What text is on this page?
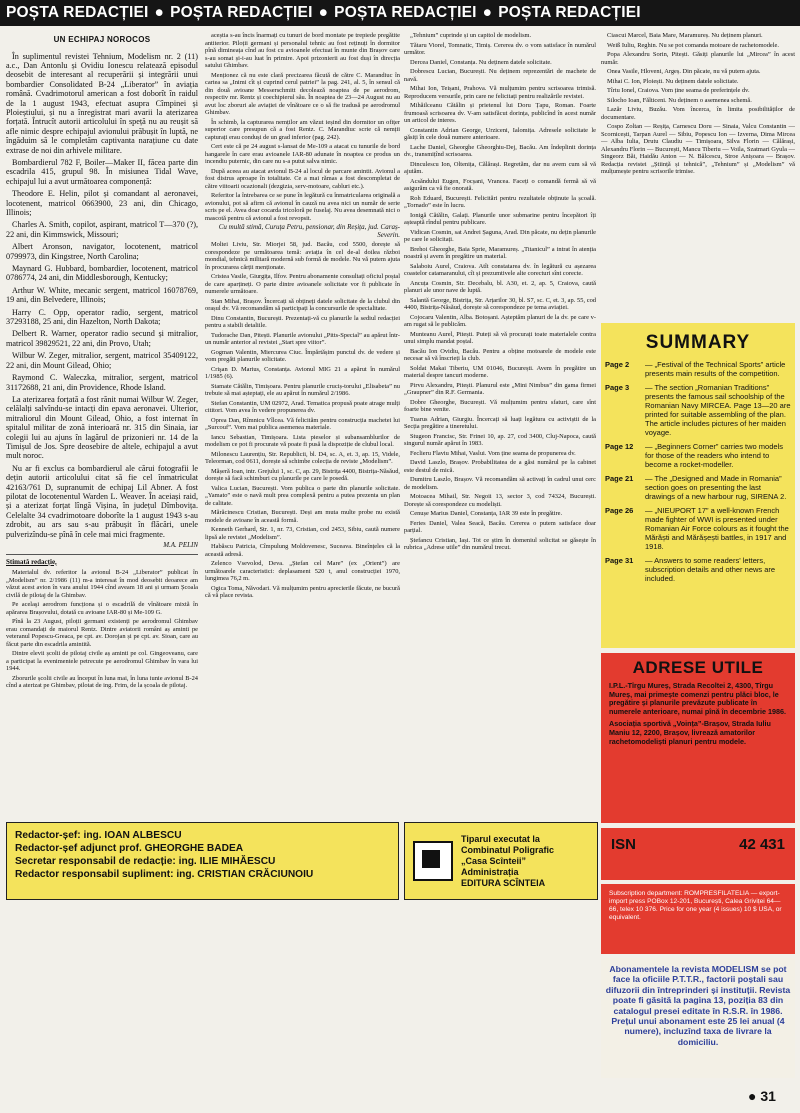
POȘTA REDACȚIEI ● POȘTA REDACȚIEI ● POȘTA REDACȚIEI ● POȘTA REDACȚIEI
UN ECHIPAJ NOROCOS

În suplimentul revistei Tehnium, Modelism nr. 2 (11) a.c., Dan Antonlu și Ovidiu Ionescu relatează episodul deosebit de interesant al recuperării și integrării unui bombardier Consolidated B-24 „Liberator” în aviația română. Cvadrimotorul american a fost doborît în raidul de la 1 august 1943, efectuat asupra Cîmpinei și Ploieștiului, și nu a înregistrat mari avarii la aterizarea forțată. Întrucît autorii articolului în speță nu au reușit să afle nimic despre echipajul avionului prăbușit în luptă, ne îngăduim să le completăm captivanta narațiune cu date extrase de noi din arhivele militare.

Bombardierul 782 F, Boiler—Maker II, făcea parte din escadrila 415, grupul 98. În misiunea Tidal Wave, echipajul lui a avut următoarea componență:

Theodore E. Helin, pilot și comandant al aeronavei, locotenent, matricol 0663900, 23 ani, din Chicago, Illinois;

Charles A. Smith, copilot, aspirant, matricol T—370 (?), 22 ani, din Kimmswick, Missouri;

Albert Aronson, navigator, locotenent, matricol 0799973, din Kingstree, North Carolina;

Maynard G. Hubbard, bombardier, locotenent, matricol 0786774, 24 ani, din Middlesborough, Kentucky;

Arthur W. White, mecanic sergent, matricol 16078769, 19 ani, din Belvedere, Illinois;

Harry C. Opp, operator radio, sergent, matricol 37293188, 25 ani, din Hazelton, North Dakota;

Delbert R. Warner, operator radio secund și mitralior, matricol 39829521, 22 ani, din Provo, Utah;

Wilbur W. Zeger, mitralior, sergent, matricol 35409122, 22 ani, din Mount Gilead, Ohio;

Raymond C. Waleczka, mitralior, sergent, matricol 31172688, 21 ani, din Providence, Rhode Island.

La aterizarea forțată a fost rănit numai Wilbur W. Zeger, celălalți salvîndu-se intacți din epava aeronavei. Ulterior, mitraliorul din Mount Gilead, Ohio, a fost internat în spitalul militar de zonă interioară nr. 315 din Sinaia, iar colegii lui au ajuns în lagărul de prizonieri nr. 14 de la Timișul de Jos. Spre deosebire de altele, echipajul a avut mult noroc.

Nu ar fi exclus ca bombardierul ale cărui fotografii le dețin autorii articolului citat să fie cel înmatriculat 42163/761 D, supranumit de echipaj Lil Abner. A fost pilotat de locotenentul Warden L. Weaver. În aceiași raid, și a aterizat forțat lîngă Vișina, în județul Dîmbovița. Celelalte 34 cvadrimotoare doborîte la 1 august 1943 s-au zdrobit, au ars sau s-au prăbușit în flăcări, unele pulverizîndu-se pînă în cele mai mici fragmente.

M.A. PELIN
Stimată redacție,

Materialul dv. referitor la avionul B-24 „Liberator” publicat în „Modelism” nr. 2/1986 (11) m-a interesat în mod deosebit deoarece am văzut acest avion în vara anului 1944 cînd aveam 18 ani și urmam Școala civilă de pilotaj de la Ghimbav.

Pe acelaşi aerodrom funcționa și o escadrilă de vînătoare mixtă în apărarea Brașovului, dotată cu avioane IAR-80 și Me-109 G.

Pînă la 23 August, piloții germani existenți pe aerodromul Ghimbav erau comandați de maiorul Rentz. Dintre aviatorii români aș aminti pe veteranul Popescu-Greaca, pe cpt. av. Dorojan și pe cpt. av. Sioan, care au făcut parte din escadrila amintită.

Dintre elevii școlii de pilotaj civile aș aminti pe col. Gingeoveanu, care a participat la evenimentele petrecute pe aerodromul Ghimbav în vara lui 1944.

Zborurile școlii civile au început în luna mai, în luna iunie avionul B-24 cînd a aterizat pe Ghimbav, pilotat de ing. Frim, de la școala de pilotaj.

aceștia s-au încis înarmați cu tunuri de bord montate pe trepiede pregătite antiterior. Piloții germani și personalul tehnic au fost reținuți în dormitor pînă dimineața cînd au fost cu avioanele efectuat în munte din Brașov care s-au somat și-i-au luat în primire. Apoi prizonierii au fost duși în direcția satului Ghimbav.

Menționez că nu este clară precizarea făcută de către C. Marandiuc în cartea sa „Inimi cît și cuprind cerul patriei” la pag. 241, al. 5, în sensul că din două avioane Messerschmitt decolează noaptea de pe aerodrom, respectiv mr. Rentz și coechipierul său. În noaptea de 23—24 August nu au avut loc zboruri ale aviației de vînătoare ce o să fie tradusă pe aerodromul Ghimbav.

În schimb, la capturarea nemților am văzut ieșind din dormitor un ofițer superior care presupun că a fost Rentz. C. Marandiuc scrie că nemții capturați erau conduși de un grad inferior (pag. 242).

Cert este că pe 24 august s-lansat de Me-109 a atacat cu tunurile de bord hangarele în care erau avioanele IAR-80 adunate în noaptea ce produs un incendiu puternic, din care nu s-a putut salva nimic.

După aceea au atacat avionul B-24 al locul de parcare amintit. Avionul a fost distrus aproape în totalitate. Ce a mai rămas a fost descompletat de către viitoarii ocazionali (dezgizia, serv-motoare, cabluri etc.).

Referitor la întrebarea ce se pune în legătură cu înmatricularea originală a avionului, pot să afirm că avionul în cauză nu avea nici un număr de serie scris pe el. Avea doar cocarda tricoloră pe fuselaj. Nu avea desemnată nici o mascotă pentru că avionul a fost revopsit.

Cu multă stimă, Curuța Petru, pensionar, din Reșița, jud. Caraș-Severin.

Moltei Liviu, Str. Miorjei 58, jud. Bacău, cod 5500, dorește să corespondeze pe următoarea temă: aviația în cel de-al doilea război mondial, tehnică militară modernă sub formă de modele. Nu vă putem ajuta în procurarea cărții menționate.

Cristea Vasile, Giurgița, Ilfov. Pentru abonamente consultați oficiul poștal de care aparțineți. O parte dintre avioanele solicitate vor fi publicate în numerele următoare.

Stan Mihai, Brașov. Încercați să obțineți datele solicitate de la clubul din orașul dv. Vă recomandăm să participați la concursurile de specialitate.

Dinu Constantin, București. Prezentați-vă cu planurile la sediul redacției pentru a stabili detaliile.

Tudorache Dan, Pitești. Planurile avionului „Pitts-Special” au apărut într-un număr anterior al revistei „Start spre viitor”.

Gogman Valentin, Miercurea Ciuc. Împărtășim punctul dv. de vedere și vom pregăti planurile solicitate.

Crişan D. Marius, Constanța. Avionul MIG 21 a apărut în numărul 1/1985 (6).

Stamate Cătălin, Timișoara. Pentru planurile cruciș-torului „Elisabeta” nu trebuie să mai așteptați, ele au apărut în numărul 2/1986.

Stefan Constantin, UM 02972, Arad. Tematica propusă poate atrage mulți cititori. Vom avea în vedere propunerea dv.

Oprea Dan, Rîmnicu Vîlcea. Vă felicităm pentru construcția machetei lui „Surcouf”. Vom mai publica asemenea materiale.

Iancu Sebastian, Timișoara. Lista pieselor și subansamblurilor de modelism ce pot fi procurate vă poate fi pusă la dispoziție de clubul local.

Milonescu Laurențiu, Str. Republicii, bl. D4, sc. A, et. 3, ap. 15, Videle, Teleorman, cod 0611, dorește să schimbe colecția de reviste „Modelism”.

Mășeră Ioan, intr. Grejului 1, sc. C, ap. 29, Bistrița 4400, Bistrița-Năsăud, dorește să facă schimburi cu planurile pe care le posedă.

Valica Lucian, București. Vom publica o parte din planurile solicitate. „Yamato” este o navă mult prea complexă pentru a putea prezenta un plan de calitate.

Mărăcinescu Cristian, București. Deși am muta multe probe nu există modele de avioane în această formă.

Kenneth Gerhard, Str. 1, nr. 73, Cristian, cod 2453, Sibiu, caută numere lipsă ale revistei „Modelism”.

Habăscu Patricia, Cîmpulung Moldovenesc, Suceava. Bineînțeles că la această adresă.

Zelenco Vsevolod, Deva. „Ștefan cel Mare” (ex „Orient”) are următoarele caracteristici: deplasament 520 t, anul construcției 1970, lungimea 76,2 m.

Ogica Toma, Năvodari. Vă mulțumim pentru aprecierile făcute, ne bucură că vă place revista.

„Tehnium” cuprinde și un capitol de modelism.

Tătaru Viorel, Tomnatic, Timiș. Cererea dv. o vom satisface în numărul următor.

Dercea Daniel, Constanța. Nu deținem datele solicitate.

Dobrescu Lucian, București. Nu deținem reprezentări de machete de navă.

Mihai Ion, Teișani, Prahova. Vă mulțumim pentru scrisoarea trimisă. Reproducem versurile, prin care ne felicitați pentru realizările revistei.

Mihăilceanu Cătălin și prietenul lui Doru Țapu, Roman. Foarte frumoasă scrisoarea dv. V-am satisfăcut dorința, publicînd în acest număr un articol de interes.

Constantin Adrian George, Urziceni, Ialomița. Adresele solicitate le găsiți în cele două numere anterioare.

Lache Daniel, Gheorghe Gheorghiu-Dej, Bacău. Am îndeplinit dorința dv., transmițînd scrisoarea.

Dinculescu Ion, Oltenița, Călărași. Regretăm, dar nu avem cum să vă ajutăm.

Acsăndului Eugen, Focșani, Vrancea. Faceți o comandă fermă să vă asigurăm ca vă fie onorată.

Roh Eduard, București. Felicitări pentru rezultatele obținute la școală. „Tornado” este în lucru.

Ionigă Cătălin, Galați. Planurile unor submarine pentru începători îți așteaptă rîndul pentru publicare.

Vidican Cosmin, sat Andrei Șaguna, Arad. Din păcate, nu dețin planurile pe care le solicitați.

Brehoi Gheorghe, Baia Sprie, Maramureș. „Titanicul” a intrat în atenția noastră și avem în pregătire un material.

Salaboiu Aurel, Craiova. Atît constatarea dv. în legătură cu așezarea coastelor catamaranului, cît și prezumtivele alte corecturi sînt corecte.

Ancuța Cosmin, Str. Decebalu, bl. A30, et. 2, ap. 5, Craiova, caută planuri ale unor nave de luptă.

Salantă George, Bistrița, Str. Arțarilor 30, bl. S7, sc. C, et. 3, ap. 55, cod 4400, Bistrița-Năsăud, dorește să corespondeze pe tema aviației.

Cojocaru Valentin, Alba. Botoșani. Așteptăm planuri de la dv. pe care v-am rugat să le publicăm.

Munteanu Aurel, Pitești. Puteți să vă procurați toate materialele contra unui simplu mandat poștal.

Bacău Ion Ovidiu, Bacău. Pentru a obține motoarele de modele este necesar să vă înscrieți la club.

Soldat Makai Tiberiu, UM 01046, București. Avem în pregătire un material despre tancuri moderne.

Pirvu Alexandru, Pitești. Planurul este „Mini Nimbus” din gama firmei „Graupner” din R.F. Germania.

Dobre Gheorghe, București. Vă mulțumim pentru sfaturi, care sînt foarte bine venite.

Tuarus Adrian, Giurgiu. Încercați să luați legătura cu activiștii de la Secția pregătire a tineretului.

Stugeon Francisc, Str. Frinei 10, ap. 27, cod 3400, Cluj-Napoca, caută singurul număr apărut în 1983.

Feclieru Flaviu Mihai, Vaslui. Vom ține seama de propunerea dv.

David Laszlo, Brașov. Probabilitatea de a găsi numărul pe la cabinet este destul de mică.

Dumitru Laszlo, Brașov. Vă recomandăm să activați în cadrul unui cerc de modelism.

Motoacea Mihail, Str. Negoii 13, sector 3, cod 74324, București. Dorește să corespondeze cu modeliști.

Cenușe Marius Daniel, Constanța, IAR 39 este în pregătire.

Feries Daniel, Valea Seacă, Bacău. Cererea o putem satisface doar parțial.

Ștefancu Cristian, Iași. Tot ce știm în domeniul solicitat se găsește în rubrica „Adrese utile” din numărul trecut.

Ciascui Marcel, Baia Mare, Maramureș. Nu deținem planuri.

Weiß Iuliu, Reghin. Nu se pot comanda motoare de rachetomodele.

Popa Alexandru Sorin, Pitești. Găsiți planurile lui „Mircea” în acest număr.

Onea Vasile, Hloveni, Argeș. Din păcate, nu vă putem ajuta.

Mihai C. Ion, Ploiești. Nu deținem datele solicitate.

Tîrtu Ionel, Craiova. Vom ține seama de preferințele dv.

Silocho Ioan, Fălticeni. Nu deținem o asemenea schemă.

Lazăr Liviu, Buzău. Vom încerca, în limita posibilităților de documentare.

Cospo Zoltan — Reșița, Carnescu Doru — Sinaia, Valcu Constantin — Scornicești, Tarpan Aurel — Sibiu, Popescu Ion — Izverna, Dima Mircea — Alba Iulia, Drutu Claudiu — Timișoara, Silva Florin — Călărași, Alexandru Florin — București, Mancu Tiberiu — Voila, Szatmari Gyula — Singeorz Băi, Haidău Anton — N. Bălcescu, Stroe Anișoara — Brașov. Redacția revistei „Știință și tehnică”, „Tehnium” și „Modelism” vă mulțumește pentru scrisorile trimise.

SUMMARY
Page 2	— „Festival of the Technical Sports” article presents main results of the competition.
Page 3	— The section „Romanian Traditions” presents the famous sail schoolship of the Romanian Navy MIRCEA. Page 13—20 are printed for suitable assembling of the plan. The article includes pictures of her maiden voyage.
Page 12	— „Beginners Corner” carries two models for those of the readers who intend to become a rocket-modeller.
Page 21	— The „Designed and Made in Romania” section goes on presenting the last drawings of a new harbour rug, SIRENA 2.
Page 26	— „NIEUPORT 17” a well-known French made fighter of WWI is presented under Romanian Air Force colours as it fought the Mărăști and Mărășești battles, in 1917 and 1918.
Page 31	— Answers to some readers' letters, subscription details and other news are included.
ADRESE UTILE
I.P.L.-Tîrgu Mureș, Strada Recoltei 2, 4300, Tîrgu Mureș, mai primește comenzi pentru plăci bloc, le pregătire și planurile prevăzute publicate în numerele anterioare, numai pînă în decembrie 1986.
Asociația sportivă „Voința”-Brașov, Strada Iuliu Maniu 12, 2200, Brașov, livrează amatorilor rachetomodeliști planuri pentru modele.
ISN	42 431
Subscription department: ROMPRESFILATELIA — export-import press POBox 12-201, București, Calea Griviței 64—66, telex 10 376. Price for one year (4 issues) 10 $ USA, or equivalent.
Redactor-șef: ing. IOAN ALBESCU
Redactor-șef adjunct prof. GHEORGHE BADEA
Secretar responsabil de redacție: ing. ILIE MIHĂESCU
Redactor responsabil supliment: ing. CRISTIAN CRĂCIUNOIU
Tiparul executat la
Combinatul Poligrafic
„Casa Scînteii”
Administrația
EDITURA SCÎNTEIA
Abonamentele la revista MODELISM se pot face la oficiile P.T.T.R., factorii poștali sau difuzorii din întreprinderi și instituții. Revista poate fi găsită la pagina 13, poziția 83 din catalogul presei editate în R.S.R. în 1986. Prețul unui abonament este 25 lei anual (4 numere), incluzînd taxa de livrare la domiciliu.
● 31
